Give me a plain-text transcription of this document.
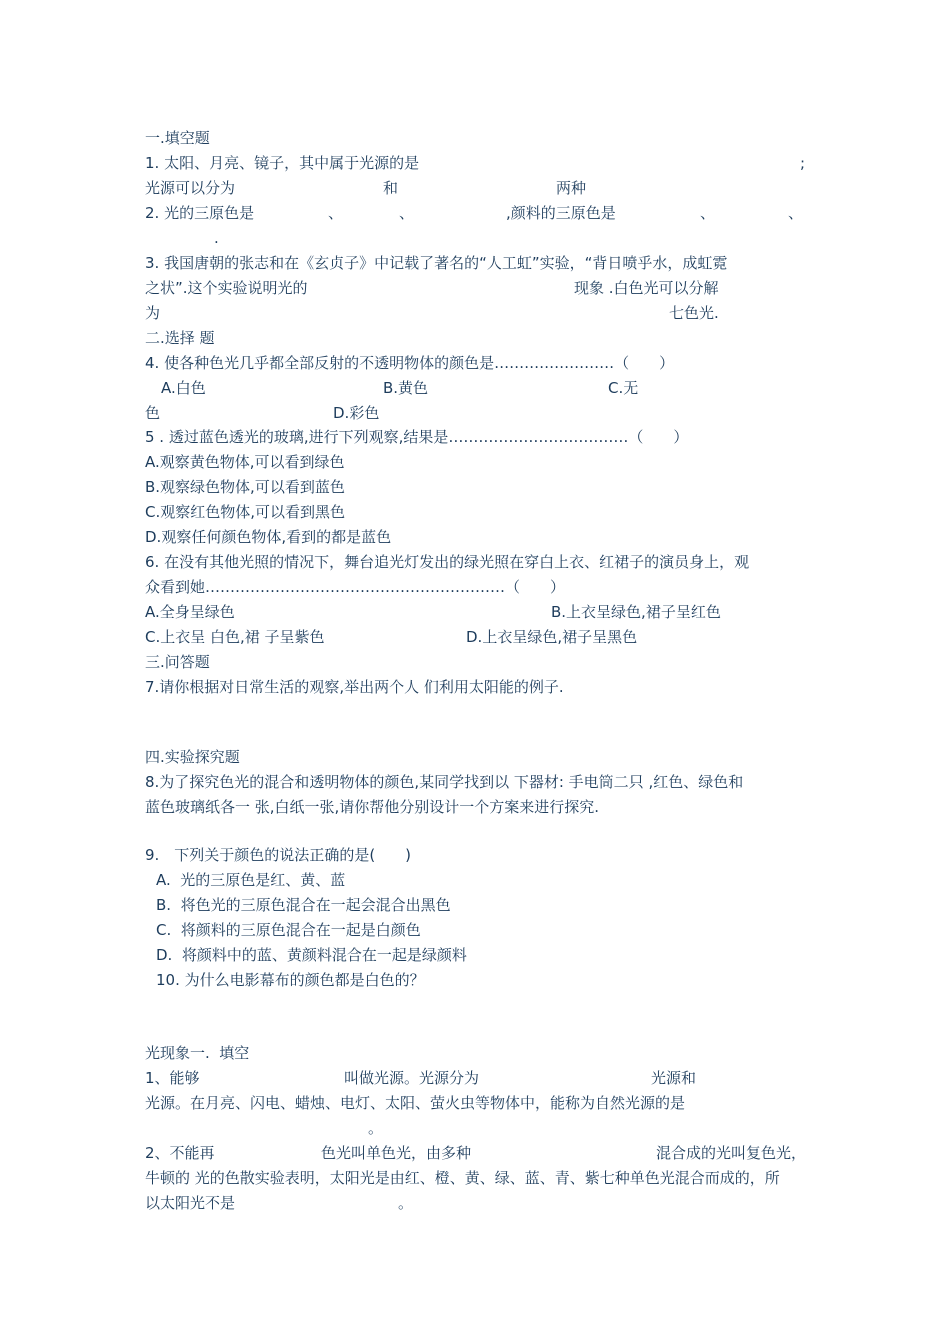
一.填空题
1. 太阳、月亮、镜子，其中属于光源的是	;
光源可以分为	和	两种
2. 光的三原色是	、	、	,颜料的三原色是	、	、
.
3. 我国唐朝的张志和在《玄贞子》中记载了著名的“人工虹”实验，“背日喷乎水，成虹霓
之状”.这个实验说明光的	现象 .白色光可以分解
为	七色光.
二.选择 题
4. 使各种色光几乎都全部反射的不透明物体的颜色是……………………（　　）
A.白色	B.黄色	C.无
色	D.彩色
5 . 透过蓝色透光的玻璃,进行下列观察,结果是………………………………（　　）
A.观察黄色物体,可以看到绿色
B.观察绿色物体,可以看到蓝色
C.观察红色物体,可以看到黑色
D.观察任何颜色物体,看到的都是蓝色
6. 在没有其他光照的情况下，舞台追光灯发出的绿光照在穿白上衣、红裙子的演员身上，观
众看到她……………………………………………………（　　）
A.全身呈绿色	B.上衣呈绿色,裙子呈红色
C.上衣呈 白色,裙 子呈紫色	D.上衣呈绿色,裙子呈黑色
三.问答题
7.请你根据对日常生活的观察,举出两个人 们利用太阳能的例子.
四.实验探究题
8.为了探究色光的混合和透明物体的颜色,某同学找到以 下器材: 手电筒二只 ,红色、绿色和
蓝色玻璃纸各一 张,白纸一张,请你帮他分别设计一个方案来进行探究.
9.　下列关于颜色的说法正确的是(　　)
A.  光的三原色是红、黄、蓝
B.  将色光的三原色混合在一起会混合出黑色
C.  将颜料的三原色混合在一起是白颜色
D.  将颜料中的蓝、黄颜料混合在一起是绿颜料
10. 为什么电影幕布的颜色都是白色的？
光现象一.  填空
1、能够	叫做光源。光源分为	光源和
光源。在月亮、闪电、蜡烛、电灯、太阳、萤火虫等物体中，能称为自然光源的是
。
2、不能再	色光叫单色光，由多种	混合成的光叫复色光，
牛顿的 光的色散实验表明，太阳光是由红、橙、黄、绿、蓝、青、紫七种单色光混合而成的，所
以太阳光不是	。
